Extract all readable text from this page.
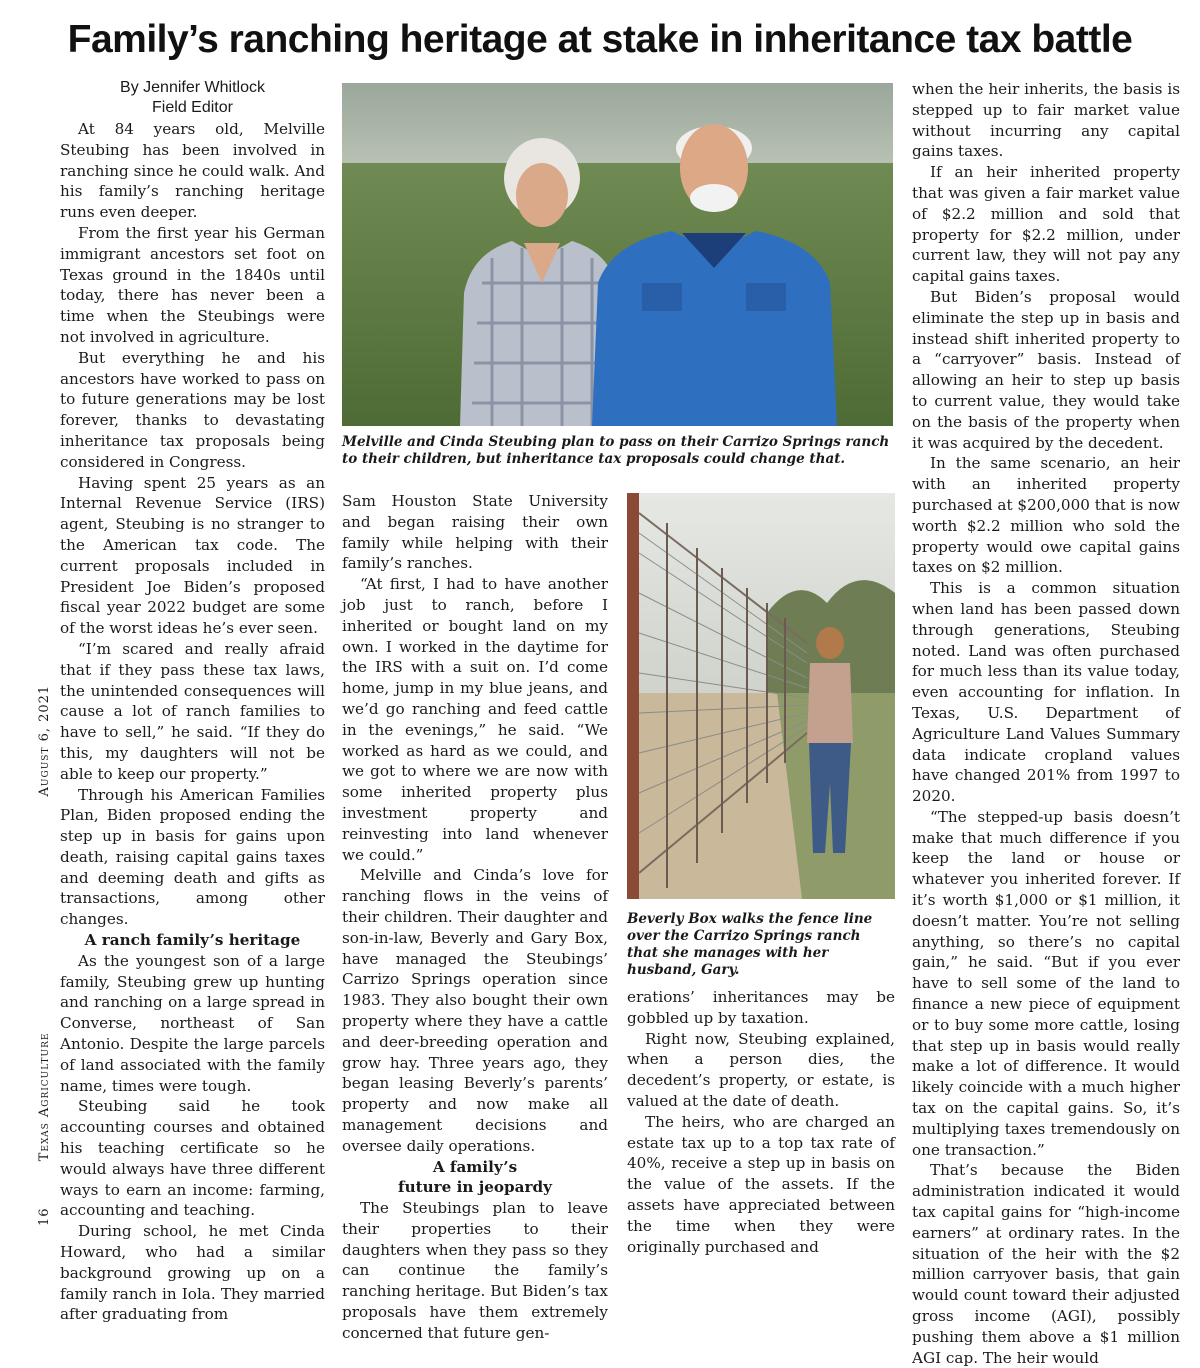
Family’s ranching heritage at stake in inheritance tax battle
By Jennifer Whitlock
Field Editor

At 84 years old, Melville Steubing has been involved in ranching since he could walk. And his family’s ranching heritage runs even deeper.

From the first year his German immigrant ancestors set foot on Texas ground in the 1840s until today, there has never been a time when the Steubings were not involved in agriculture.

But everything he and his ancestors have worked to pass on to future generations may be lost forever, thanks to devastating inheritance tax proposals being considered in Congress.

Having spent 25 years as an Internal Revenue Service (IRS) agent, Steubing is no stranger to the American tax code. The current proposals included in President Joe Biden’s proposed fiscal year 2022 budget are some of the worst ideas he’s ever seen.

“I’m scared and really afraid that if they pass these tax laws, the unintended consequences will cause a lot of ranch families to have to sell,” he said. “If they do this, my daughters will not be able to keep our property.”

Through his American Families Plan, Biden proposed ending the step up in basis for gains upon death, raising capital gains taxes and deeming death and gifts as transactions, among other changes.

A ranch family’s heritage

As the youngest son of a large family, Steubing grew up hunting and ranching on a large spread in Converse, northeast of San Antonio. Despite the large parcels of land associated with the family name, times were tough.

Steubing said he took accounting courses and obtained his teaching certificate so he would always have three different ways to earn an income: farming, accounting and teaching.

During school, he met Cinda Howard, who had a similar background growing up on a family ranch in Iola. They married after graduating from

Melville and Cinda Steubing plan to pass on their Carrizo Springs ranch to their children, but inheritance tax proposals could change that.

Sam Houston State University and began raising their own family while helping with their family’s ranches.

“At first, I had to have another job just to ranch, before I inherited or bought land on my own. I worked in the daytime for the IRS with a suit on. I’d come home, jump in my blue jeans, and we’d go ranching and feed cattle in the evenings,” he said. “We worked as hard as we could, and we got to where we are now with some inherited property plus investment property and reinvesting into land whenever we could.”

Melville and Cinda’s love for ranching flows in the veins of their children. Their daughter and son-in-law, Beverly and Gary Box, have managed the Steubings’ Carrizo Springs operation since 1983. They also bought their own property where they have a cattle and deer-breeding operation and grow hay. Three years ago, they began leasing Beverly’s parents’ property and now make all management decisions and oversee daily operations.

A family’s
future in jeopardy

The Steubings plan to leave their properties to their daughters when they pass so they can continue the family’s ranching heritage. But Biden’s tax proposals have them extremely concerned that future gen-

Beverly Box walks the fence line over the Carrizo Springs ranch that she manages with her husband, Gary.

erations’ inheritances may be gobbled up by taxation.

Right now, Steubing explained, when a person dies, the decedent’s property, or estate, is valued at the date of death.

The heirs, who are charged an estate tax up to a top tax rate of 40%, receive a step up in basis on the value of the assets. If the assets have appreciated between the time when they were originally purchased and

when the heir inherits, the basis is stepped up to fair market value without incurring any capital gains taxes.

If an heir inherited property that was given a fair market value of $2.2 million and sold that property for $2.2 million, under current law, they will not pay any capital gains taxes.

But Biden’s proposal would eliminate the step up in basis and instead shift inherited property to a “carryover” basis. Instead of allowing an heir to step up basis to current value, they would take on the basis of the property when it was acquired by the decedent.

In the same scenario, an heir with an inherited property purchased at $200,000 that is now worth $2.2 million who sold the property would owe capital gains taxes on $2 million.

This is a common situation when land has been passed down through generations, Steubing noted. Land was often purchased for much less than its value today, even accounting for inflation. In Texas, U.S. Department of Agriculture Land Values Summary data indicate cropland values have changed 201% from 1997 to 2020.

“The stepped-up basis doesn’t make that much difference if you keep the land or house or whatever you inherited forever. If it’s worth $1,000 or $1 million, it doesn’t matter. You’re not selling anything, so there’s no capital gain,” he said. “But if you ever have to sell some of the land to finance a new piece of equipment or to buy some more cattle, losing that step up in basis would really make a lot of difference. It would likely coincide with a much higher tax on the capital gains. So, it’s multiplying taxes tremendously on one transaction.”

That’s because the Biden administration indicated it would tax capital gains for “high-income earners” at ordinary rates. In the situation of the heir with the $2 million carryover basis, that gain would count toward their adjusted gross income (AGI), possibly pushing them above a $1 million AGI cap. The heir would

16         Texas Agriculture                                              August 6, 2021
